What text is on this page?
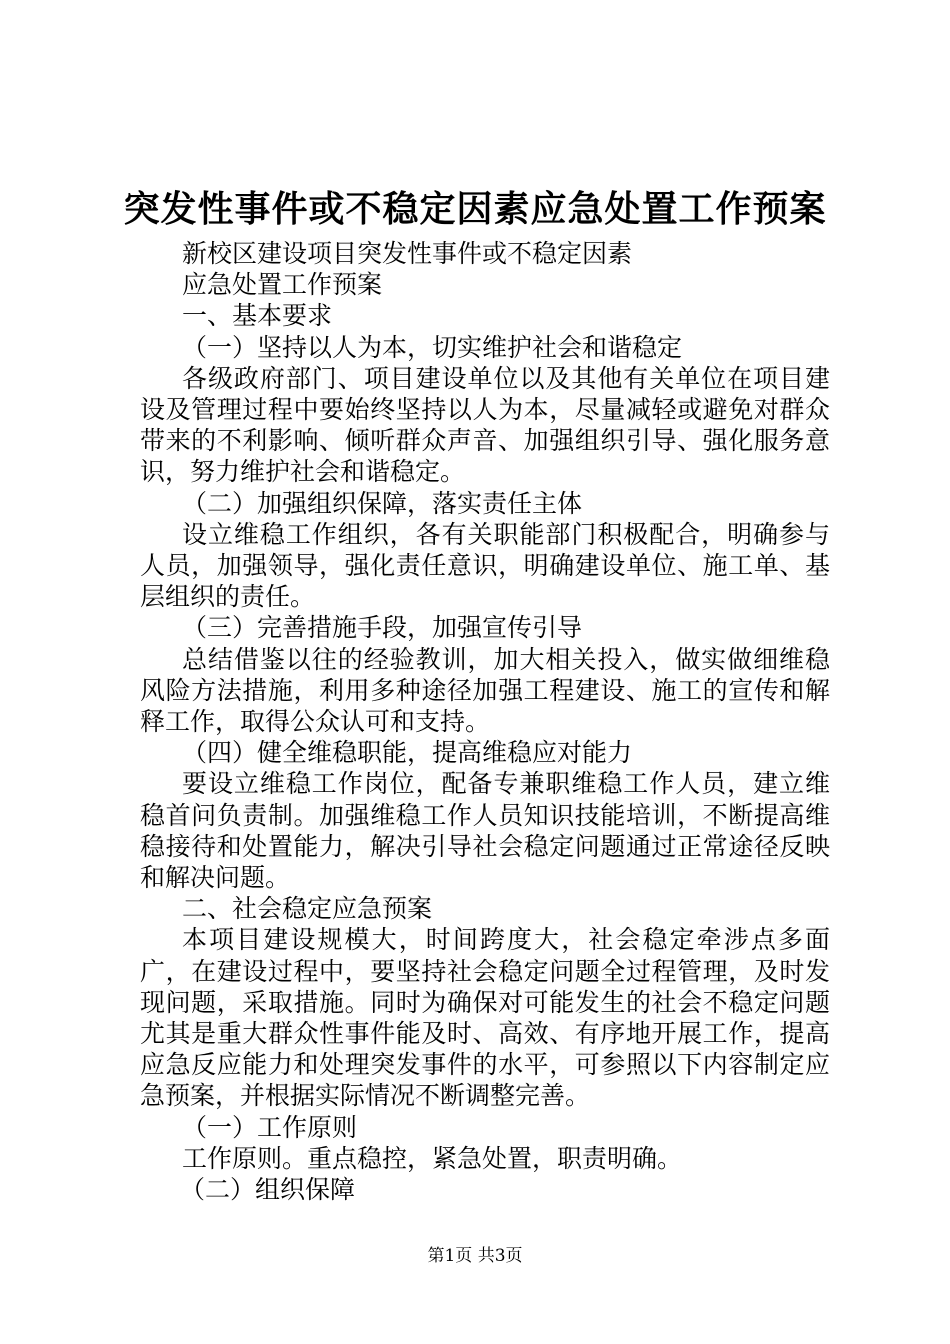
突发性事件或不稳定因素应急处置工作预案

新校区建设项目突发性事件或不稳定因素

应急处置工作预案

一、基本要求

（一）坚持以人为本，切实维护社会和谐稳定

各级政府部门、项目建设单位以及其他有关单位在项目建设及管理过程中要始终坚持以人为本，尽量减轻或避免对群众带来的不利影响、倾听群众声音、加强组织引导、强化服务意识，努力维护社会和谐稳定。

（二）加强组织保障，落实责任主体

设立维稳工作组织，各有关职能部门积极配合，明确参与人员，加强领导，强化责任意识，明确建设单位、施工单、基层组织的责任。

（三）完善措施手段，加强宣传引导

总结借鉴以往的经验教训，加大相关投入，做实做细维稳风险方法措施，利用多种途径加强工程建设、施工的宣传和解释工作，取得公众认可和支持。

（四）健全维稳职能，提高维稳应对能力

要设立维稳工作岗位，配备专兼职维稳工作人员，建立维稳首问负责制。加强维稳工作人员知识技能培训，不断提高维稳接待和处置能力，解决引导社会稳定问题通过正常途径反映和解决问题。

二、社会稳定应急预案

本项目建设规模大，时间跨度大，社会稳定牵涉点多面广，在建设过程中，要坚持社会稳定问题全过程管理，及时发现问题，采取措施。同时为确保对可能发生的社会不稳定问题尤其是重大群众性事件能及时、高效、有序地开展工作，提高应急反应能力和处理突发事件的水平，可参照以下内容制定应急预案，并根据实际情况不断调整完善。

（一）工作原则

工作原则。重点稳控，紧急处置，职责明确。

（二）组织保障

第1页 共3页
